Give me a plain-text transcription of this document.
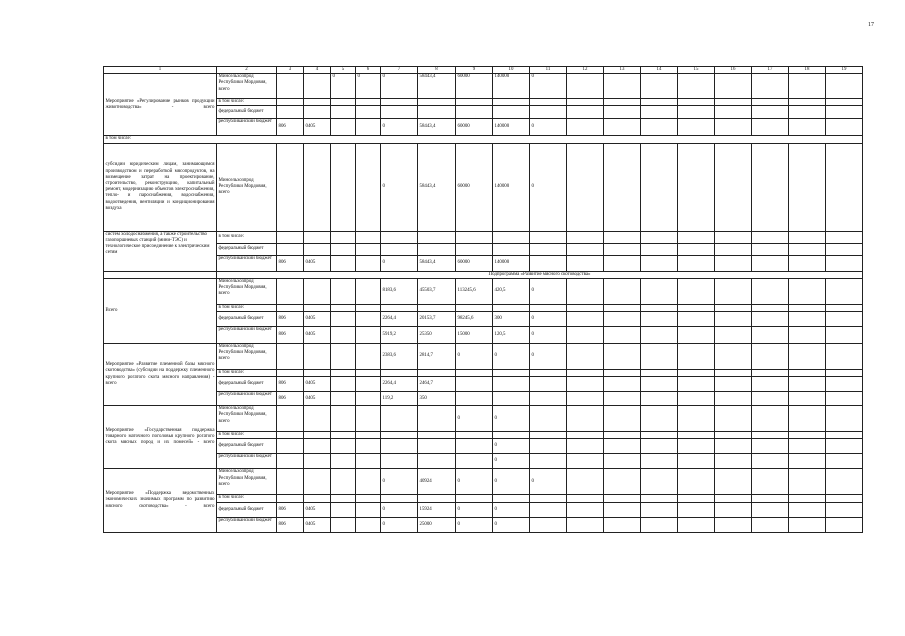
17
1	2	3	4	5	6	7	8	9	10	11	12	13	14	15	16	17	18	19	
Мероприятие «Регулирование рынков продукции животноводства» - всего	Минсельхозпрод Республики Мордовия, всего			0	0	0	58443,4	60000	140000	0									
	в том числе:																		
	федеральный бюджет																		
	республиканский бюджет	806	0405			0	58443,4	60000	140000	0									
в том числе:																			
субсидии юридическим лицам, занимающимся производством и переработкой мясопродуктов, на возмещение затрат на проектирование, строительство, реконструкцию, капитальный ремонт, модернизацию объектов электроснабжения, тепло- и пароснабжения, водоснабжения, водоотведения, вентиляции и кондиционирования воздуха	Минсельхозпрод Республики Мордовия, всего					0	58443,4	60000	140000	0									
систем холодоснабжения, а также строительство газопоршневых станций (мини-ТЭС) и технологическое присоединение к электрическим сетям	в том числе:																		
	федеральный бюджет																		
	республиканский бюджет	806	0405			0	58443,4	60000	140000										
	Подпрограмма «Развитие мясного скотоводства»																		
Всего	Минсельхозпрод Республики Мордовия, всего					8183,6	45503,7	113245,6	420,5	0									
	в том числе:																		
	федеральный бюджет	806	0405			2264,4	20153,7	98245,6	300	0									
	республиканский бюджет	806	0405			5919,2	25350	15000	120,5	0									
Мероприятие «Развитие племенной базы мясного скотоводства» (субсидии на поддержку племенного крупного рогатого скота мясного направления) - всего	Минсельхозпрод Республики Мордовия, всего					2383,6	2814,7	0	0	0									
	в том числе:																		
	федеральный бюджет	806	0405			2264,4	2464,7												
	республиканский бюджет	806	0405			119,2	350												
Мероприятие «Государственная поддержка товарного маточного поголовья крупного рогатого скота мясных пород и их помесей» - всего	Минсельхозпрод Республики Мордовия, всего							0	0										
	в том числе:																		
	федеральный бюджет								0										
	республиканский бюджет								0										
Мероприятие «Поддержка ведомственных экономических значимых программ по развитию мясного скотоводства» - всего	Минсельхозпрод Республики Мордовия, всего					0	40924	0	0	0									
	в том числе:																		
	федеральный бюджет	806	0405			0	15924	0	0										
	республиканский бюджет	806	0405			0	25000	0	0										
